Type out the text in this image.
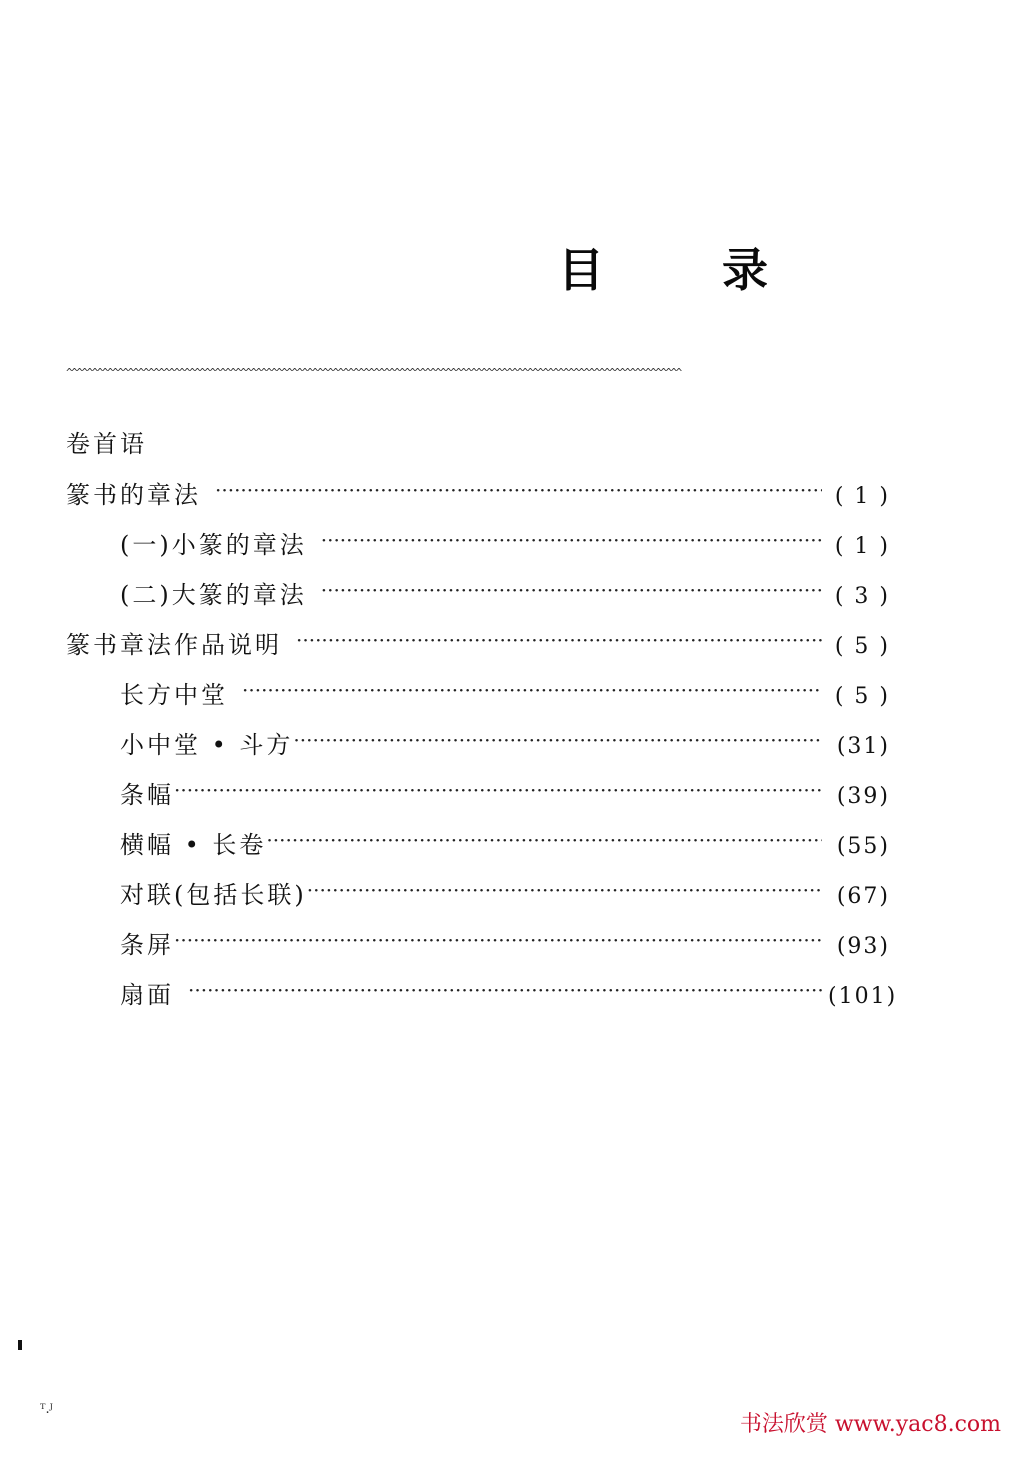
目	录
^^^^^^^^^^^^^^^^^^^^^^^^^^^^^^^^^^^^^^^^^^^^^^^^^^^^^^^^^^^^^^^^^^^^^^^^^^^^^^^^^^^^^^^^^^^^^^^^^^^^^^^^^^^^^^^^^^^^^^^^
卷首语
篆书的章法 ·····	( 1 )
(一)小篆的章法 ·····	( 1 )
(二)大篆的章法 ·····	( 3 )
篆书章法作品说明 ·····	( 5 )
长方中堂 ·····	( 5 )
小中堂 • 斗方 ·····	(31)
条幅 ·····	(39)
横幅 • 长卷 ·····	(55)
对联(包括长联) ·····	(67)
条屏 ·····	(93)
扇面 ·····	(101)
ᵀ.ᴶ
书法欣赏 www.yac8.com
